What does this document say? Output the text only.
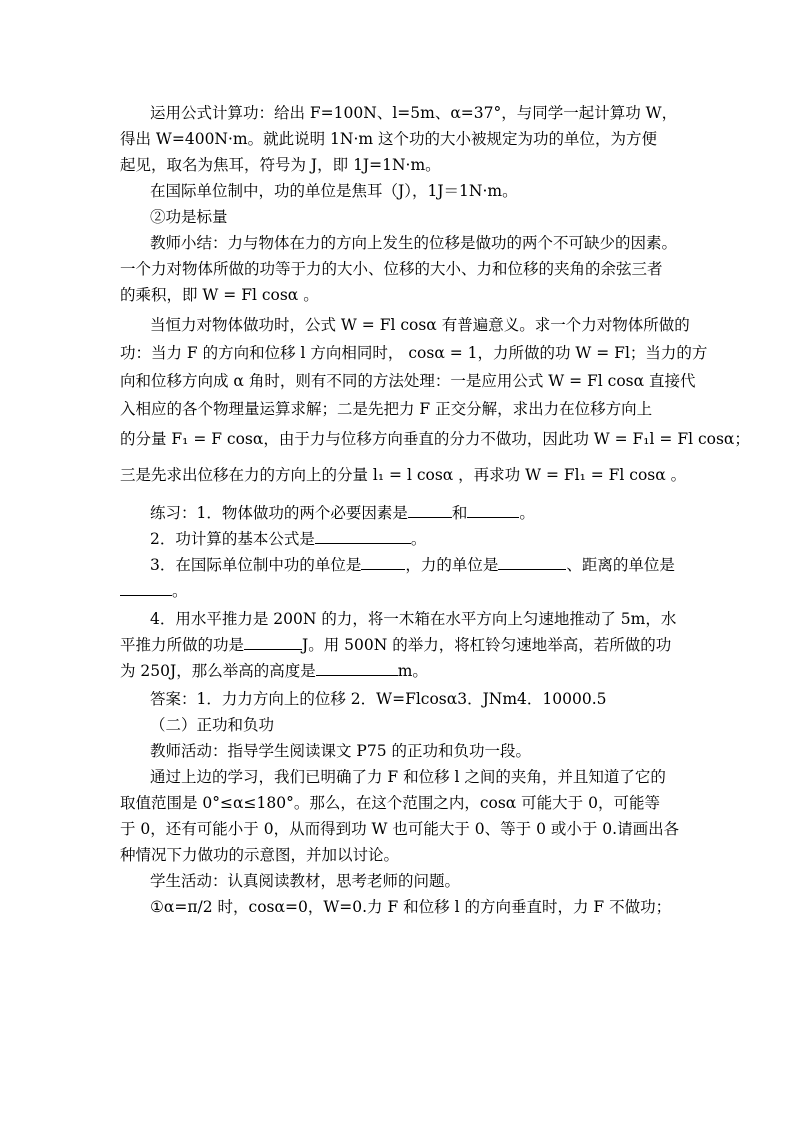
运用公式计算功：给出 F=100N、l=5m、α=37°，与同学一起计算功 W，
得出 W=400N·m。就此说明 1N·m 这个功的大小被规定为功的单位，为方便
起见，取名为焦耳，符号为 J，即 1J=1N·m。
在国际单位制中，功的单位是焦耳（J），1J＝1N·m。
②功是标量
教师小结：力与物体在力的方向上发生的位移是做功的两个不可缺少的因素。
一个力对物体所做的功等于力的大小、位移的大小、力和位移的夹角的余弦三者
的乘积，即 W = Fl cosα 。
当恒力对物体做功时，公式 W = Fl cosα 有普遍意义。求一个力对物体所做的
功：当力 F 的方向和位移 l 方向相同时， cosα = 1，力所做的功 W = Fl；当力的方
向和位移方向成 α 角时，则有不同的方法处理：一是应用公式 W = Fl cosα 直接代
入相应的各个物理量运算求解；二是先把力 F 正交分解，求出力在位移方向上
的分量 F₁ = F cosα，由于力与位移方向垂直的分力不做功，因此功 W = F₁l = Fl cosα；
三是先求出位移在力的方向上的分量 l₁ = l cosα ，再求功 W = Fl₁ = Fl cosα 。
练习：1．物体做功的两个必要因素是	和	。
2．功计算的基本公式是	。
3．在国际单位制中功的单位是	，力的单位是	、距离的单位是
。
4．用水平推力是 200N 的力，将一木箱在水平方向上匀速地推动了 5m，水
平推力所做的功是	J。用 500N 的举力，将杠铃匀速地举高，若所做的功
为 250J，那么举高的高度是	m。
答案：1．力力方向上的位移 2．W=Flcosα3．JNm4．10000.5
（二）正功和负功
教师活动：指导学生阅读课文 P75 的正功和负功一段。
通过上边的学习，我们已明确了力 F 和位移 l 之间的夹角，并且知道了它的
取值范围是 0°≤α≤180°。那么，在这个范围之内，cosα 可能大于 0，可能等
于 0，还有可能小于 0，从而得到功 W 也可能大于 0、等于 0 或小于 0.请画出各
种情况下力做功的示意图，并加以讨论。
学生活动：认真阅读教材，思考老师的问题。
①α=π/2 时，cosα=0，W=0.力 F 和位移 l 的方向垂直时，力 F 不做功；
